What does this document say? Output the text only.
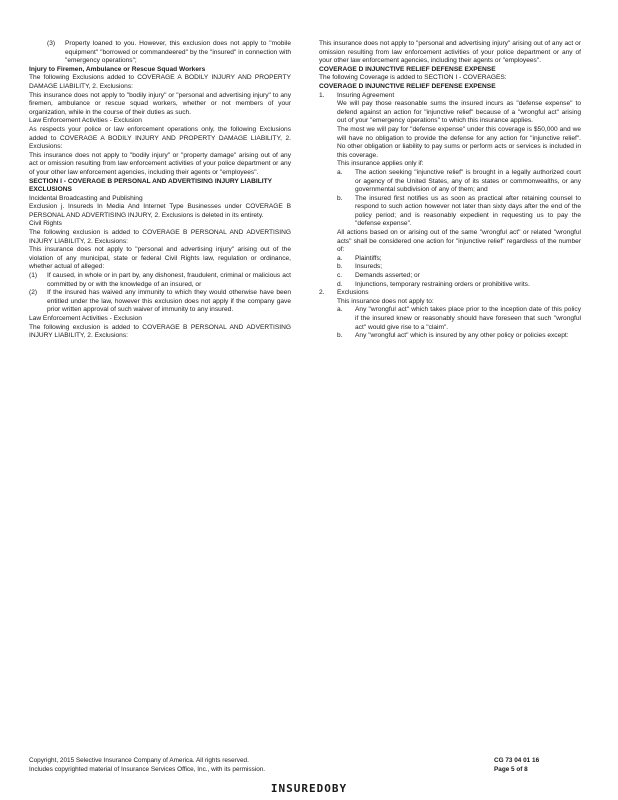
(3) Property loaned to you. However, this exclusion does not apply to "mobile equipment" "borrowed or commandeered" by the "insured" in connection with "emergency operations";
Injury to Firemen, Ambulance or Rescue Squad Workers
The following Exclusions added to COVERAGE A BODILY INJURY AND PROPERTY DAMAGE LIABILITY, 2. Exclusions:
This insurance does not apply to "bodily injury" or "personal and advertising injury" to any firemen, ambulance or rescue squad workers, whether or not members of your organization, while in the course of their duties as such.
Law Enforcement Activities - Exclusion
As respects your police or law enforcement operations only, the following Exclusions added to COVERAGE A BODILY INJURY AND PROPERTY DAMAGE LIABILITY, 2. Exclusions:
This insurance does not apply to "bodily injury" or "property damage" arising out of any act or omission resulting from law enforcement activities of your police department or any of your other law enforcement agencies, including their agents or "employees".
SECTION I - COVERAGE B PERSONAL AND ADVERTISING INJURY LIABILITY
EXCLUSIONS
Incidental Broadcasting and Publishing
Exclusion j. Insureds In Media And Internet Type Businesses under COVERAGE B PERSONAL AND ADVERTISING INJURY, 2. Exclusions is deleted in its entirety.
Civil Rights
The following exclusion is added to COVERAGE B PERSONAL AND ADVERTISING INJURY LIABILITY, 2. Exclusions:
This insurance does not apply to "personal and advertising injury" arising out of the violation of any municipal, state or federal Civil Rights law, regulation or ordinance, whether actual of alleged:
(1) If caused, in whole or in part by, any dishonest, fraudulent, criminal or malicious act committed by or with the knowledge of an insured, or
(2) If the insured has waived any immunity to which they would otherwise have been entitled under the law, however this exclusion does not apply if the company gave prior written approval of such waiver of immunity to any insured.
Law Enforcement Activities - Exclusion
The following exclusion is added to COVERAGE B PERSONAL AND ADVERTISING INJURY LIABILITY, 2. Exclusions:
This insurance does not apply to "personal and advertising injury" arising out of any act or omission resulting from law enforcement activities of your police department or any of your other law enforcement agencies, including their agents or "employees".
COVERAGE D INJUNCTIVE RELIEF DEFENSE EXPENSE
The following Coverage is added to SECTION I - COVERAGES:
COVERAGE D INJUNCTIVE RELIEF DEFENSE EXPENSE
1. Insuring Agreement
We will pay those reasonable sums the insured incurs as "defense expense" to defend against an action for "injunctive relief" because of a "wrongful act" arising out of your "emergency operations" to which this insurance applies.
The most we will pay for "defense expense" under this coverage is $50,000 and we will have no obligation to provide the defense for any action for "injunctive relief". No other obligation or liability to pay sums or perform acts or services is included in this coverage.
This insurance applies only if:
a. The action seeking "injunctive relief" is brought in a legally authorized court or agency of the United States, any of its states or commonwealths, or any governmental subdivision of any of them; and
b. The insured first notifies us as soon as practical after retaining counsel to respond to such action however not later than sixty days after the end of the policy period; and is reasonably expedient in requesting us to pay the "defense expense".
All actions based on or arising out of the same "wrongful act" or related "wrongful acts" shall be considered one action for "injunctive relief" regardless of the number of:
a. Plaintiffs;
b. Insureds;
c. Demands asserted; or
d. Injunctions, temporary restraining orders or prohibitive writs.
2. Exclusions
This insurance does not apply to:
a. Any "wrongful act" which takes place prior to the inception date of this policy if the insured knew or reasonably should have foreseen that such "wrongful act" would give rise to a "claim".
b. Any "wrongful act" which is insured by any other policy or policies except:
Copyright, 2015 Selective Insurance Company of America. All rights reserved.
Includes copyrighted material of Insurance Services Office, Inc., with its permission.
CG 73 04 01 16
Page 5 of 8
INSUREDOBY
